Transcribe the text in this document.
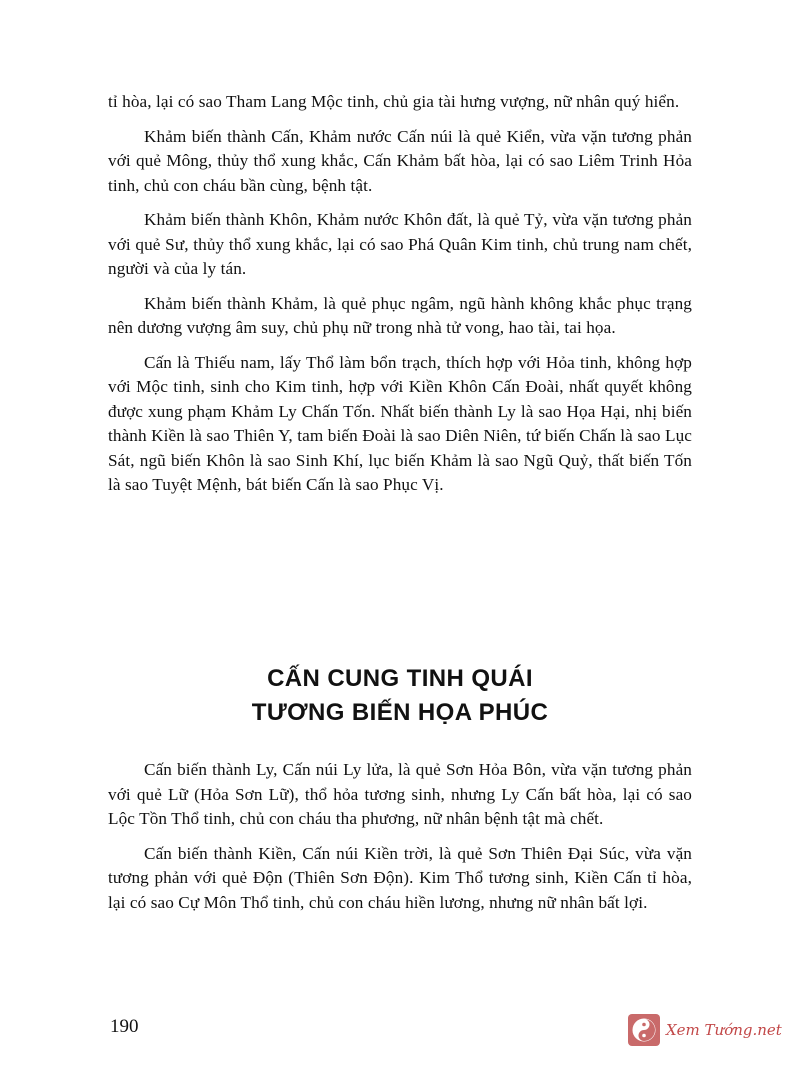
tỉ hòa, lại có sao Tham Lang Mộc tinh, chủ gia tài hưng vượng, nữ nhân quý hiển.

Khảm biến thành Cấn, Khảm nước Cấn núi là quẻ Kiển, vừa vặn tương phản với quẻ Mông, thủy thổ xung khắc, Cấn Khảm bất hòa, lại có sao Liêm Trinh Hỏa tinh, chủ con cháu bần cùng, bệnh tật.

Khảm biến thành Khôn, Khảm nước Khôn đất, là quẻ Tỷ, vừa vặn tương phản với quẻ Sư, thủy thổ xung khắc, lại có sao Phá Quân Kim tinh, chủ trung nam chết, người và của ly tán.

Khảm biến thành Khảm, là quẻ phục ngâm, ngũ hành không khắc phục trạng nên dương vượng âm suy, chủ phụ nữ trong nhà tử vong, hao tài, tai họa.

Cấn là Thiếu nam, lấy Thổ làm bổn trạch, thích hợp với Hỏa tinh, không hợp với Mộc tinh, sinh cho Kim tinh, hợp với Kiền Khôn Cấn Đoài, nhất quyết không được xung phạm Khảm Ly Chấn Tốn. Nhất biến thành Ly là sao Họa Hại, nhị biến thành Kiền là sao Thiên Y, tam biến Đoài là sao Diên Niên, tứ biến Chấn là sao Lục Sát, ngũ biến Khôn là sao Sinh Khí, lục biến Khảm là sao Ngũ Quỷ, thất biến Tốn là sao Tuyệt Mệnh, bát biến Cấn là sao Phục Vị.

CẤN CUNG TINH QUÁI
TƯƠNG BIẾN HỌA PHÚC

Cấn biến thành Ly, Cấn núi Ly lửa, là quẻ Sơn Hỏa Bôn, vừa vặn tương phản với quẻ Lữ (Hỏa Sơn Lữ), thổ hỏa tương sinh, nhưng Ly Cấn bất hòa, lại có sao Lộc Tồn Thổ tinh, chủ con cháu tha phương, nữ nhân bệnh tật mà chết.

Cấn biến thành Kiền, Cấn núi Kiền trời, là quẻ Sơn Thiên Đại Súc, vừa vặn tương phản với quẻ Độn (Thiên Sơn Độn). Kim Thổ tương sinh, Kiền Cấn tỉ hòa, lại có sao Cự Môn Thổ tinh, chủ con cháu hiền lương, nhưng nữ nhân bất lợi.

190	Xem Tướng.net
